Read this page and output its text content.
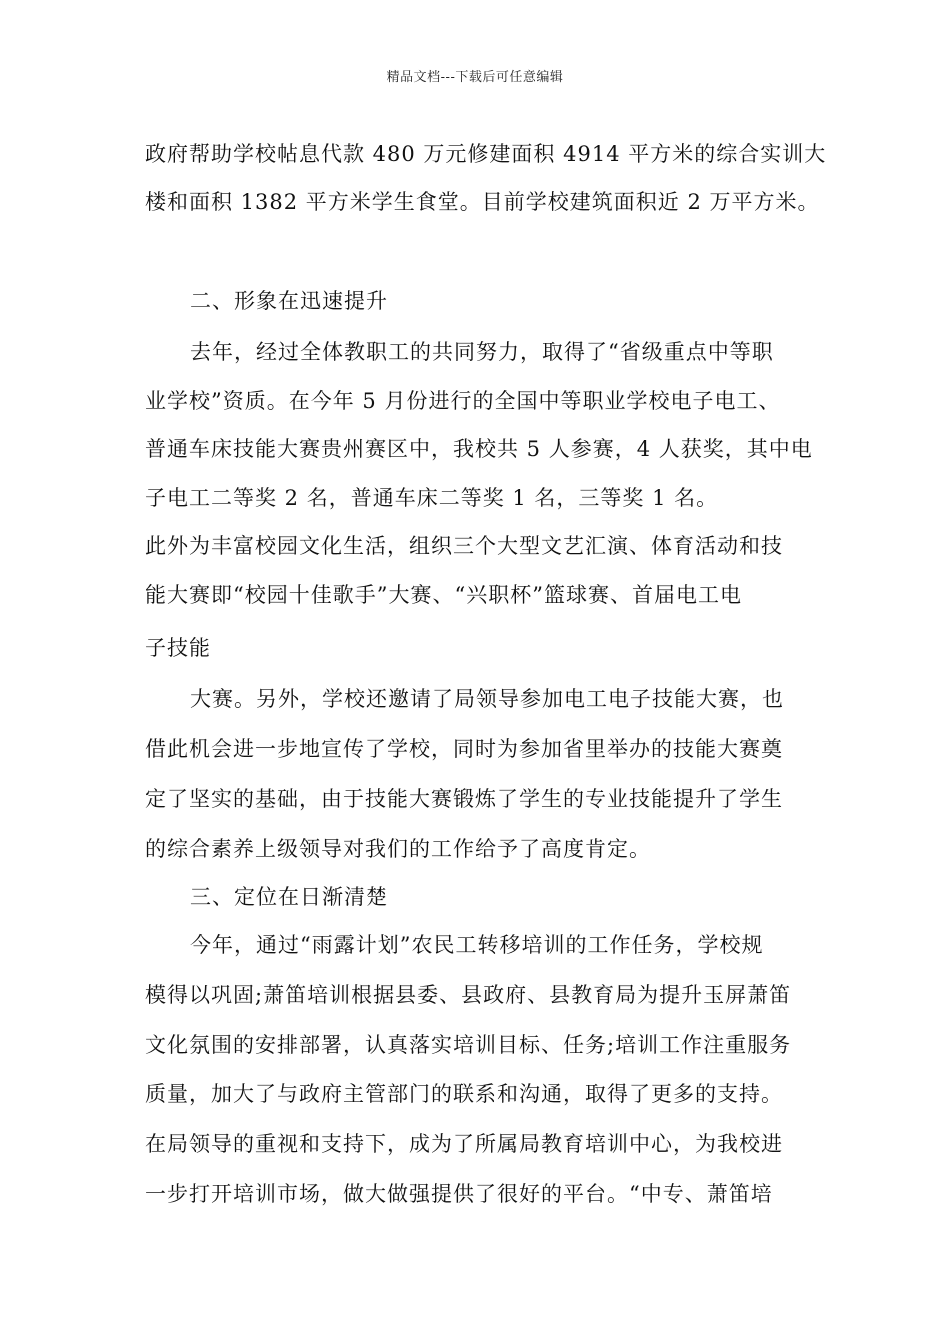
精品文档---下载后可任意编辑
政府帮助学校帖息代款 480 万元修建面积 4914 平方米的综合实训大
楼和面积 1382 平方米学生食堂。目前学校建筑面积近 2 万平方米。
二、形象在迅速提升
去年，经过全体教职工的共同努力，取得了“省级重点中等职
业学校”资质。在今年 5 月份进行的全国中等职业学校电子电工、
普通车床技能大赛贵州赛区中，我校共 5 人参赛，4 人获奖，其中电
子电工二等奖 2 名，普通车床二等奖 1 名，三等奖 1 名。
此外为丰富校园文化生活，组织三个大型文艺汇演、体育活动和技
能大赛即“校园十佳歌手”大赛、“兴职杯”篮球赛、首届电工电
子技能
大赛。另外，学校还邀请了局领导参加电工电子技能大赛，也
借此机会进一步地宣传了学校，同时为参加省里举办的技能大赛奠
定了坚实的基础，由于技能大赛锻炼了学生的专业技能提升了学生
的综合素养上级领导对我们的工作给予了高度肯定。
三、定位在日渐清楚
今年，通过“雨露计划”农民工转移培训的工作任务，学校规
模得以巩固;萧笛培训根据县委、县政府、县教育局为提升玉屏萧笛
文化氛围的安排部署，认真落实培训目标、任务;培训工作注重服务
质量，加大了与政府主管部门的联系和沟通，取得了更多的支持。
在局领导的重视和支持下，成为了所属局教育培训中心，为我校进
一步打开培训市场，做大做强提供了很好的平台。“中专、萧笛培
